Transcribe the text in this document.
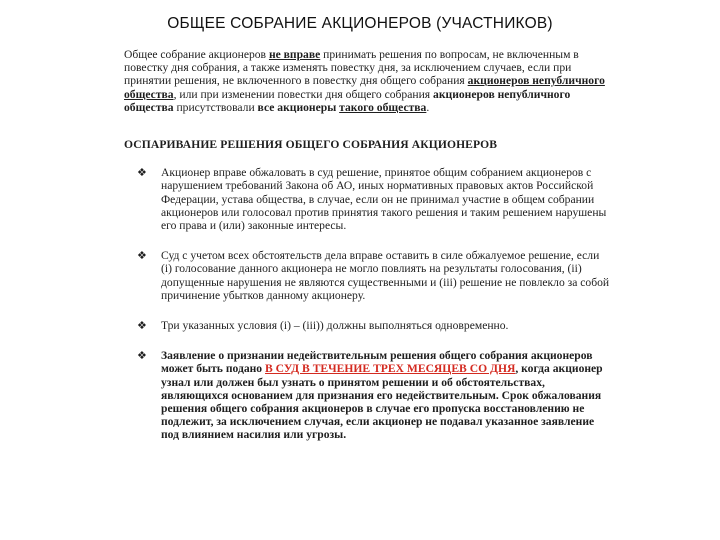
ОБЩЕЕ СОБРАНИЕ АКЦИОНЕРОВ (УЧАСТНИКОВ)

Общее собрание акционеров не вправе принимать решения по вопросам, не включенным в повестку дня собрания, а также изменять повестку дня, за исключением случаев, если при принятии решения, не включенного в повестку дня общего собрания акционеров непубличного общества, или при изменении повестки дня общего собрания акционеров непубличного общества присутствовали все акционеры такого общества.

ОСПАРИВАНИЕ РЕШЕНИЯ ОБЩЕГО СОБРАНИЯ АКЦИОНЕРОВ
❖	Акционер вправе обжаловать в суд решение, принятое общим собранием акционеров с нарушением требований Закона об АО, иных нормативных правовых актов Российской Федерации, устава общества, в случае, если он не принимал участие в общем собрании акционеров или голосовал против принятия такого решения и таким решением нарушены его права и (или) законные интересы.
❖	Суд с учетом всех обстоятельств дела вправе оставить в силе обжалуемое решение, если (i) голосование данного акционера не могло повлиять на результаты голосования, (ii) допущенные нарушения не являются существенными и (iii) решение не повлекло за собой причинение убытков данному акционеру.
❖	Три указанных условия (i) – (iii)) должны выполняться одновременно.
❖	Заявление о признании недействительным решения общего собрания акционеров может быть подано В СУД В ТЕЧЕНИЕ ТРЕХ МЕСЯЦЕВ СО ДНЯ, когда акционер узнал или должен был узнать о принятом решении и об обстоятельствах, являющихся основанием для признания его недействительным. Срок обжалования решения общего собрания акционеров в случае его пропуска восстановлению не подлежит, за исключением случая, если акционер не подавал указанное заявление под влиянием насилия или угрозы.
